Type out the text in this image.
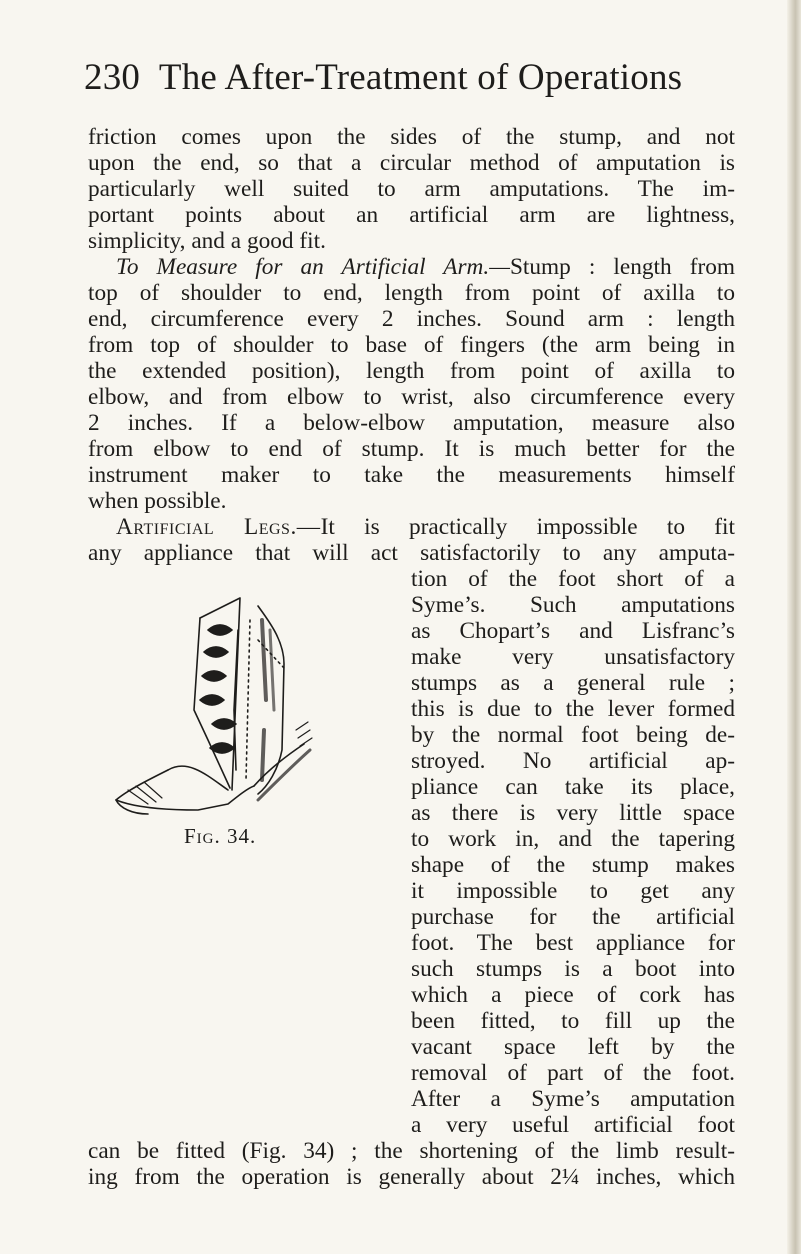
230 The After-Treatment of Operations
friction comes upon the sides of the stump, and not
upon the end, so that a circular method of amputation is
particularly well suited to arm amputations. The im-
portant points about an artificial arm are lightness,
simplicity, and a good fit.
To Measure for an Artificial Arm.—Stump : length from
top of shoulder to end, length from point of axilla to
end, circumference every 2 inches. Sound arm : length
from top of shoulder to base of fingers (the arm being in
the extended position), length from point of axilla to
elbow, and from elbow to wrist, also circumference every
2 inches. If a below-elbow amputation, measure also
from elbow to end of stump. It is much better for the
instrument maker to take the measurements himself
when possible.
Artificial Legs.—It is practically impossible to fit
any appliance that will act satisfactorily to any amputa-
tion of the foot short of a
Syme’s. Such amputations
as Chopart’s and Lisfranc’s
make very unsatisfactory
stumps as a general rule ;
this is due to the lever formed
by the normal foot being de-
stroyed. No artificial ap-
pliance can take its place,
as there is very little space
to work in, and the tapering
shape of the stump makes
it impossible to get any
purchase for the artificial
foot. The best appliance for
such stumps is a boot into
which a piece of cork has
been fitted, to fill up the
vacant space left by the
removal of part of the foot.
After a Syme’s amputation
a very useful artificial foot
can be fitted (Fig. 34) ; the shortening of the limb result-
ing from the operation is generally about 2¼ inches, which
Fig. 34.
